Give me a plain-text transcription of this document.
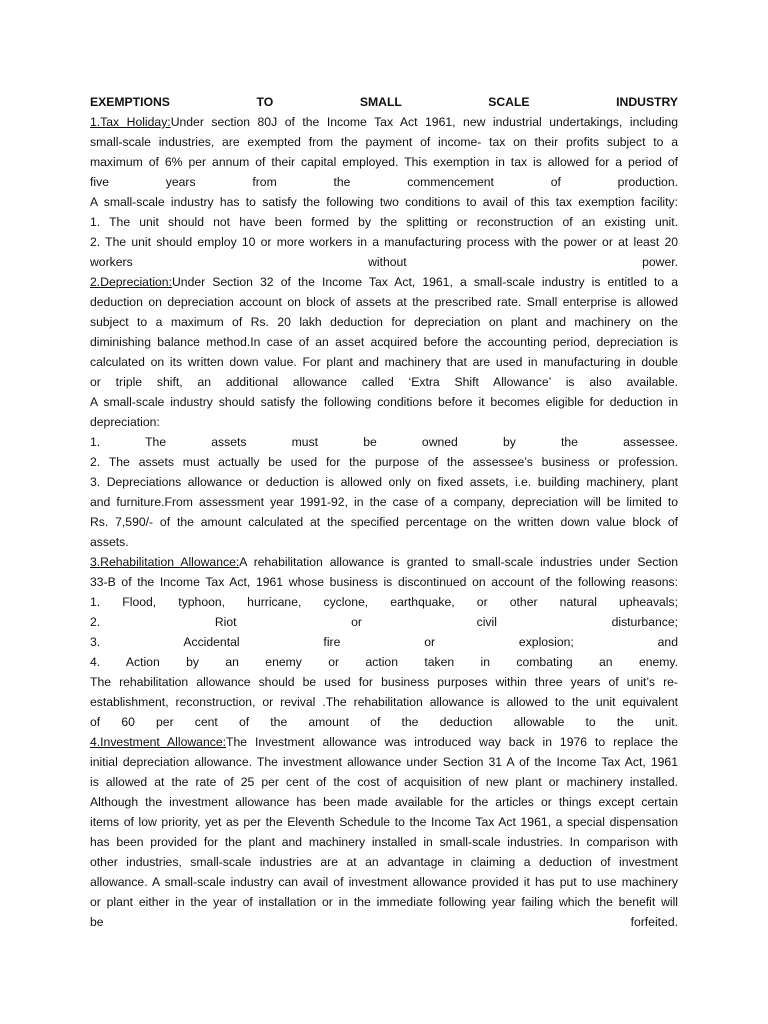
EXEMPTIONS	TO	SMALL	SCALE	INDUSTRY
1.Tax Holiday:Under section 80J of the Income Tax Act 1961, new industrial undertakings, including
small-scale industries, are exempted from the payment of income- tax on their profits subject to a
maximum of 6% per annum of their capital employed. This exemption in tax is allowed for a period of
five years from the commencement of production.
A small-scale industry has to satisfy the following two conditions to avail of this tax exemption facility:
1. The unit should not have been formed by the splitting or reconstruction of an existing unit.
2. The unit should employ 10 or more workers in a manufacturing process with the power or at least 20
workers without power.
2.Depreciation:Under Section 32 of the Income Tax Act, 1961, a small-scale industry is entitled to a
deduction on depreciation account on block of assets at the prescribed rate. Small enterprise is allowed
subject to a maximum of Rs. 20 lakh deduction for depreciation on plant and machinery on the
diminishing balance method.In case of an asset acquired before the accounting period, depreciation is
calculated on its written down value. For plant and machinery that are used in manufacturing in double
or triple shift, an additional allowance called ‘Extra Shift Allowance’ is also available.
A small-scale industry should satisfy the following conditions before it becomes eligible for deduction in
depreciation:
1. The assets must be owned by the assessee.
2. The assets must actually be used for the purpose of the assessee’s business or profession.
3. Depreciations allowance or deduction is allowed only on fixed assets, i.e. building machinery, plant
and furniture.From assessment year 1991-92, in the case of a company, depreciation will be limited to
Rs. 7,590/- of the amount calculated at the specified percentage on the written down value block of
assets.
3.Rehabilitation Allowance:A rehabilitation allowance is granted to small-scale industries under Section
33-B of the Income Tax Act, 1961 whose business is discontinued on account of the following reasons:
1. Flood, typhoon, hurricane, cyclone, earthquake, or other natural upheavals;
2. Riot or civil disturbance;
3. Accidental fire or explosion; and
4. Action by an enemy or action taken in combating an enemy.
The rehabilitation allowance should be used for business purposes within three years of unit’s re-
establishment, reconstruction, or revival .The rehabilitation allowance is allowed to the unit equivalent
of 60 per cent of the amount of the deduction allowable to the unit.
4.Investment Allowance:The Investment allowance was introduced way back in 1976 to replace the
initial depreciation allowance. The investment allowance under Section 31 A of the Income Tax Act, 1961
is allowed at the rate of 25 per cent of the cost of acquisition of new plant or machinery installed.
Although the investment allowance has been made available for the articles or things except certain
items of low priority, yet as per the Eleventh Schedule to the Income Tax Act 1961, a special dispensation
has been provided for the plant and machinery installed in small-scale industries. In comparison with
other industries, small-scale industries are at an advantage in claiming a deduction of investment
allowance. A small-scale industry can avail of investment allowance provided it has put to use machinery
or plant either in the year of installation or in the immediate following year failing which the benefit will
be forfeited.
